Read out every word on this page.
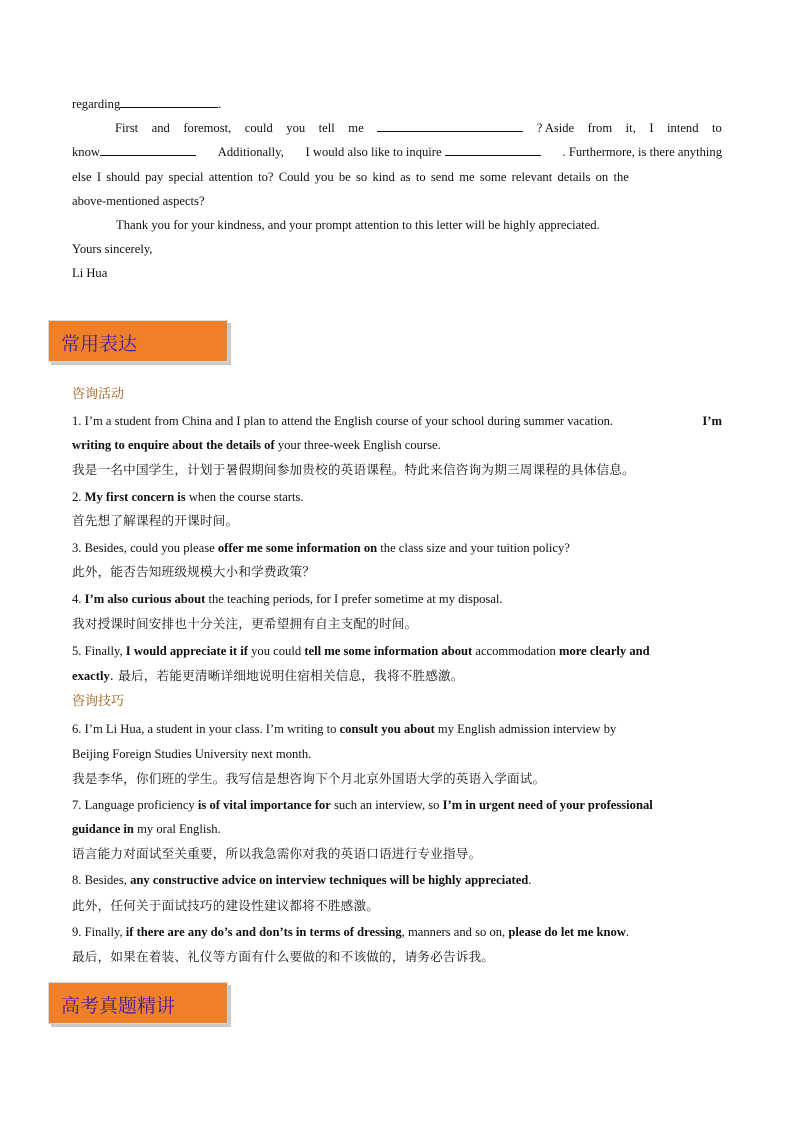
regarding	.
First and foremost, could you tell me	? Aside from it, I intend to
know	Additionally, I would also like to inquire	. Furthermore, is there anything
else I should pay special attention to? Could you be so kind as to send me some relevant details on the
above-mentioned aspects?
Thank you for your kindness, and your prompt attention to this letter will be highly appreciated.
Yours sincerely,
Li Hua
常用表达
咨询活动
1. I’m a student from China and I plan to attend the English course of your school during summer vacation.	I’m
writing to enquire about the details of your three-week English course.
我是一名中国学生，计划于暑假期间参加贵校的英语课程。特此来信咨询为期三周课程的具体信息。
2. My first concern is when the course starts.
首先想了解课程的开课时间。
3. Besides, could you please offer me some information on the class size and your tuition policy?
此外，能否告知班级规模大小和学费政策？
4. I’m also curious about the teaching periods, for I prefer sometime at my disposal.
我对授课时间安排也十分关注，更希望拥有自主支配的时间。
5. Finally, I would appreciate it if you could tell me some information about accommodation more clearly and
exactly. 最后，若能更清晰详细地说明住宿相关信息，我将不胜感激。
咨询技巧
6. I’m Li Hua, a student in your class. I’m writing to consult you about my English admission interview by
Beijing Foreign Studies University next month.
我是李华，你们班的学生。我写信是想咨询下个月北京外国语大学的英语入学面试。
7. Language proficiency is of vital importance for such an interview, so I’m in urgent need of your professional
guidance in my oral English.
语言能力对面试至关重要，所以我急需你对我的英语口语进行专业指导。
8. Besides, any constructive advice on interview techniques will be highly appreciated.
此外，任何关于面试技巧的建设性建议都将不胜感激。
9. Finally, if there are any do’s and don’ts in terms of dressing, manners and so on, please do let me know.
最后，如果在着装、礼仪等方面有什么要做的和不该做的，请务必告诉我。
高考真题精讲
